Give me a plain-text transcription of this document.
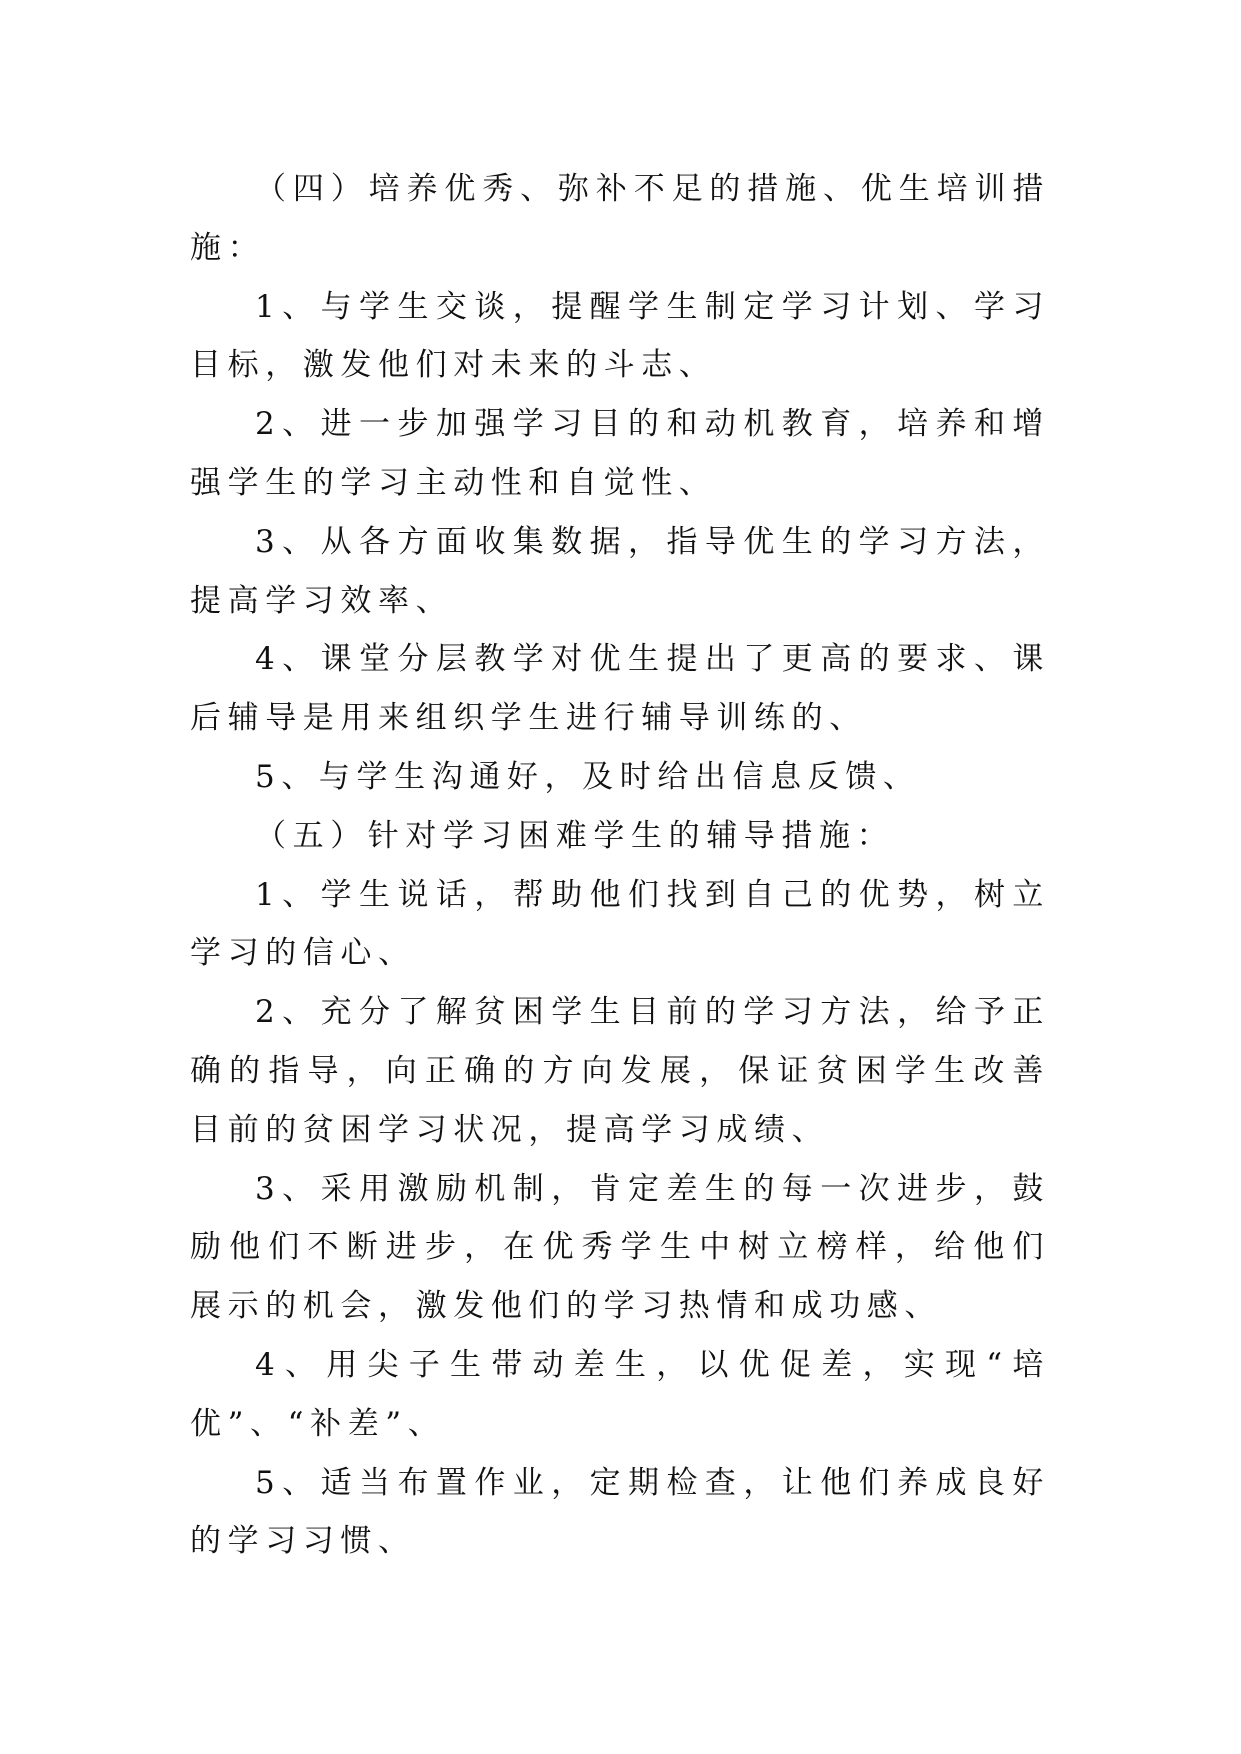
（四）培养优秀、弥补不足的措施、优生培训措施：

1、与学生交谈，提醒学生制定学习计划、学习目标，激发他们对未来的斗志、

2、进一步加强学习目的和动机教育，培养和增强学生的学习主动性和自觉性、

3、从各方面收集数据，指导优生的学习方法，提高学习效率、

4、课堂分层教学对优生提出了更高的要求、课后辅导是用来组织学生进行辅导训练的、

5、与学生沟通好，及时给出信息反馈、

（五）针对学习困难学生的辅导措施：

1、学生说话，帮助他们找到自己的优势，树立学习的信心、

2、充分了解贫困学生目前的学习方法，给予正确的指导，向正确的方向发展，保证贫困学生改善目前的贫困学习状况，提高学习成绩、

3、采用激励机制，肯定差生的每一次进步，鼓励他们不断进步，在优秀学生中树立榜样，给他们展示的机会，激发他们的学习热情和成功感、

4、用尖子生带动差生，以优促差，实现“培优”、“补差”、

5、适当布置作业，定期检查，让他们养成良好的学习习惯、
